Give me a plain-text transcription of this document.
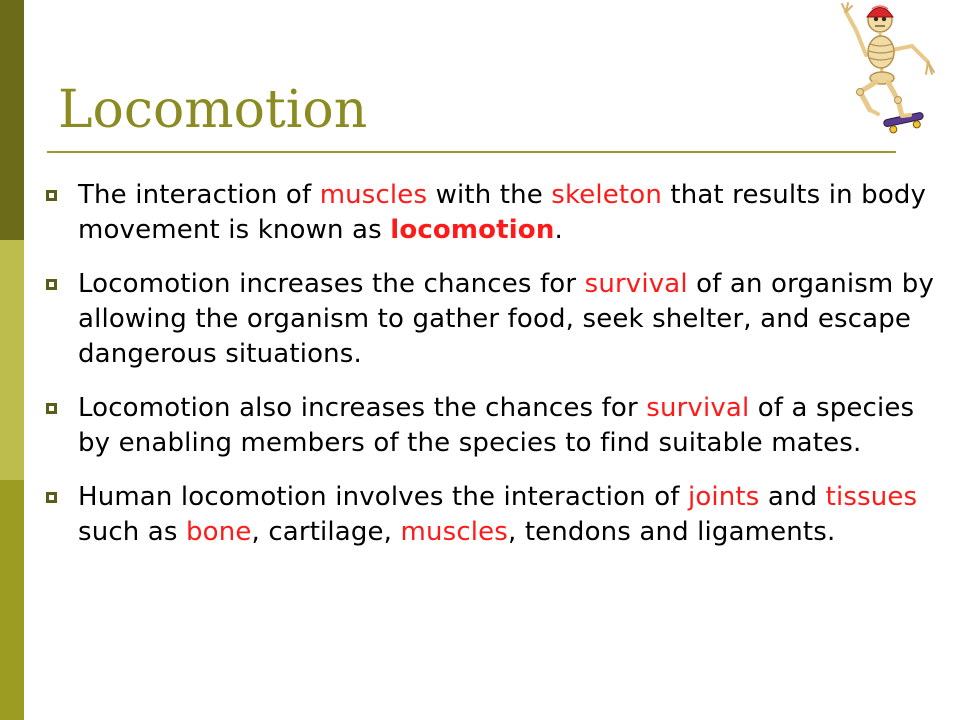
Locomotion
The interaction of muscles with the skeleton that results in body movement is known as locomotion.
Locomotion increases the chances for survival of an organism by allowing the organism to gather food, seek shelter, and escape dangerous situations.
Locomotion also increases the chances for survival of a species by enabling members of the species to find suitable mates.
Human locomotion involves the interaction of joints and tissues such as bone, cartilage, muscles, tendons and ligaments.
